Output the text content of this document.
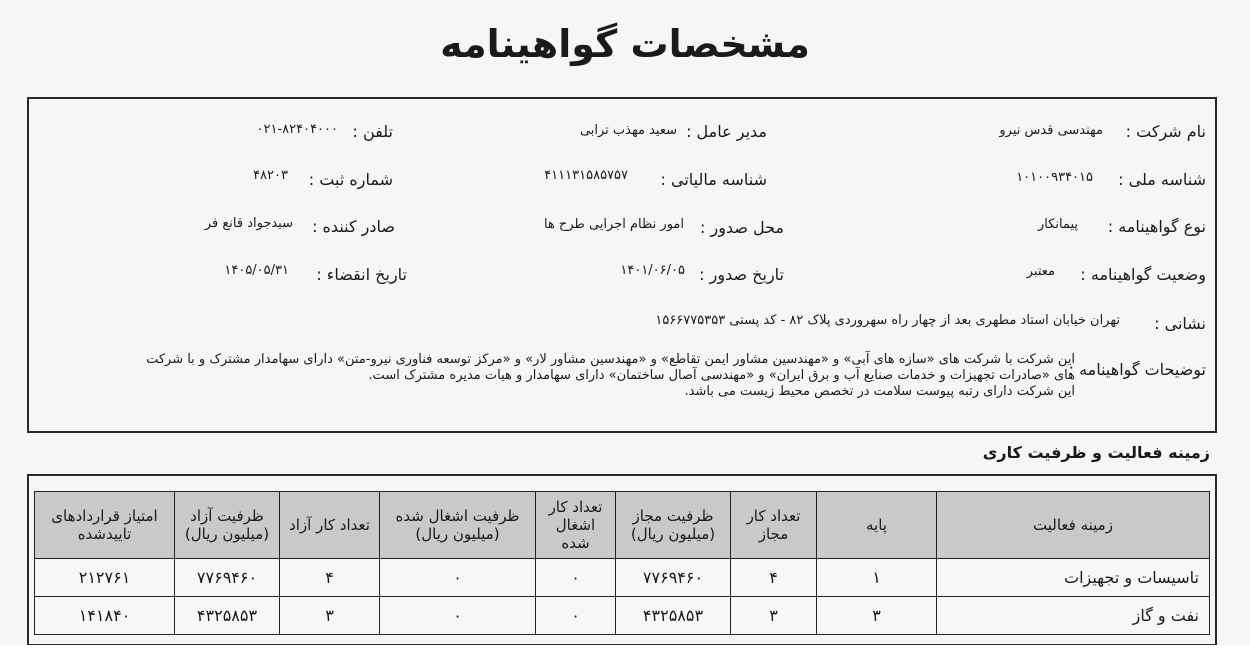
مشخصات گواهینامه
نام شرکت :
مهندسی قدس نیرو
مدیر عامل :
سعید مهذب ترابی
تلفن :
۰۲۱-۸۲۴۰۴۰۰۰
شناسه ملی :
۱۰۱۰۰۹۳۴۰۱۵
شناسه مالیاتی :
۴۱۱۱۳۱۵۸۵۷۵۷
شماره ثبت :
۴۸۲۰۳
نوع گواهینامه :
پیمانکار
محل صدور :
امور نظام اجرایی طرح ها
صادر کننده :
سیدجواد قانع فر
وضعیت گواهینامه :
معتبر
تاریخ صدور :
۱۴۰۱/۰۶/۰۵
تاریخ انقضاء :
۱۴۰۵/۰۵/۳۱
نشانی :
تهران خیابان استاد مطهری بعد از چهار راه سهروردی پلاک ۸۲ - کد پستی ۱۵۶۶۷۷۵۳۵۳
توضیحات گواهینامه :
این شرکت با شرکت های «سازه های آبی» و «مهندسین مشاور ایمن تقاطع» و «مهندسین مشاور لار» و «مرکز توسعه فناوری نیرو-متن» دارای سهامدار مشترک و با شرکت
های «صادرات تجهیزات و خدمات صنایع آب و برق ایران» و «مهندسی آصال ساختمان» دارای سهامدار و هیات مدیره مشترک است.
این شرکت دارای رتبه پیوست سلامت در تخصص محیط زیست می باشد.
زمینه فعالیت و ظرفیت کاری
زمینه فعالیت	پایه	تعداد کار مجاز	ظرفیت مجاز (میلیون ریال)	تعداد کار اشغال شده	ظرفیت اشغال شده (میلیون ریال)	تعداد کار آزاد	ظرفیت آزاد (میلیون ریال)	امتیاز قراردادهای تاییدشده
تاسیسات و تجهیزات	۱	۴	۷۷۶۹۴۶۰	۰	۰	۴	۷۷۶۹۴۶۰	۲۱۲۷۶۱
نفت و گاز	۳	۳	۴۳۲۵۸۵۳	۰	۰	۳	۴۳۲۵۸۵۳	۱۴۱۸۴۰
